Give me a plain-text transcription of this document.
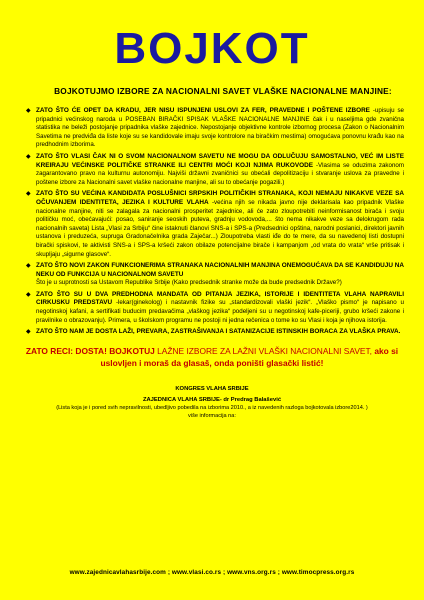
BOJKOT
BOJKOTUJMO IZBORE ZA NACIONALNI SAVET VLAŠKE NACIONALNE MANJINE:
◆ ZATO ŠTO ĆE OPET DA KRADU, JER NISU ISPUNJENI USLOVI ZA FER, PRAVEDNE I POŠTENE IZBORE -upisuju se pripadnici većinskog naroda u POSEBAN BIRAČKI SPISAK VLAŠKE NACIONALNE MANJINE čak i u naseljima gde zvanična statistika ne beleži postojanje pripadnika vlaške zajednice. Nepostojanje objektivne kontrole izbornog procesa (Zakon o Nacionalnim Savetima ne predviđa da liste koje su se kandidovale imaju svoje kontrolore na biračkim mestima) omogućava ponovnu krađu kao na predhodnim izborima.
◆ ZATO ŠTO VLASI ČAK NI O SVOM NACIONALNOM SAVETU NE MOGU DA ODLUČUJU SAMOSTALNO, VEĆ IM LISTE KREIRAJU VEĆINSKE POLITIČKE STRANKE ILI CENTRI MOĆI KOJI NJIMA RUKOVODE -Vlasima se oduzima zakonom zagarantovano pravo na kulturnu autonomiju. Najviši državni zvaničnici su obećali depolitizaciju i stvaranje uslova za pravedne i poštene izbore za Nacionalni savet vlaške nacionalne manjine, ali su to obećanje pogazili.)
◆ ZATO ŠTO SU VEĆINA KANDIDATA POSLUŠNICI SRPSKIH POLITIČKIH STRANAKA, KOJI NEMAJU NIKAKVE VEZE SA OČUVANJEM IDENTITETA, JEZIKA I KULTURE VLAHA -većina njih se nikada javno nije deklarisala kao pripadnik Vlaške nacionalne manjine, niti se zalagala za nacionalni prosperitet zajednice, ali će zato zloupotrebiti neinformisanost birača i svoju političku moć, obećavajući: posao, saniranje seoskih puteva, gradnju vodovoda,... što nema nikakve veze sa delokrugom rada nacionalnih saveta) Lista „Vlasi za Srbiju“ čine istaknuti članovi SNS-a i SPS-a (Predsednici opština, narodni poslanici, direktori javnih ustanova i preduzeća, supruga Gradonačelnika grada Zaječar...) Zloupotreba vlasti iđe do te mere, da su navedenoj listi dostupni birački spiskovi, te aktivisti SNS-a i SPS-a kršeći zakon obilaze potencijalne birače i kampanjom „od vrata do vrata“ vrše pritisak i skupljaju „sigurne glasove“.
◆ ZATO ŠTO NOVI ZAKON FUNKCIONERIMA STRANAKA NACIONALNIH MANJINA ONEMOGUĆAVA DA SE KANDIDUJU NA NEKU OD FUNKCIJA U NACIONALNOM SAVETU
Što je u suprotnosti sa Ustavom Republike Srbije (Kako predsednik stranke može da bude predsednik Države?)
◆ ZATO ŠTO SU U DVA PREDHODNA MANDATA OD PITANJA JEZIKA, ISTORIJE I IDENTITETA VLAHA NAPRAVILI CIRKUSKU PREDSTAVU -lekar(ginekolog) i nastavnik fizike su „standardizovali vlaški jezik“. „Vlaško pismo“ je napisano u negotinskoj kafani, a sertifikati buducim predavačima „vlaškog jezika“ podeljeni su u negotinskoj kafe-piceriji, grubo kršeći zakone i pravilnike o obrazovanju). Primera, u školskom programu ne postoji ni jedna rečenica o tome ko su Vlasi i koja je njihova istorija.
◆ ZATO ŠTO NAM JE DOSTA LAŽI, PREVARA, ZASTRAŠIVANJA I SATANIZACIJE ISTINSKIH BORACA ZA VLAŠKA PRAVA.
ZATO RECI: DOSTA! BOJKOTUJ LAŽNE IZBORE ZA LAŽNI VLAŠKI NACIONALNI SAVET, ako si uslovljen i moraš da glasaš, onda poništi glasački listić!
KONGRES VLAHA SRBIJE
ZAJEDNICA VLAHA SRBIJE- dr Predrag Balašević
(Lista koja je i pored svih nepravilnosti, ubedljivo pobedila na izborima 2010., a iz navedenih razloga bojkotovala izbore2014. )
više informacija na:
www.zajednicavlahasrbije.com ; www.vlasi.co.rs ; www.vns.org.rs ; www.timocpress.org.rs
